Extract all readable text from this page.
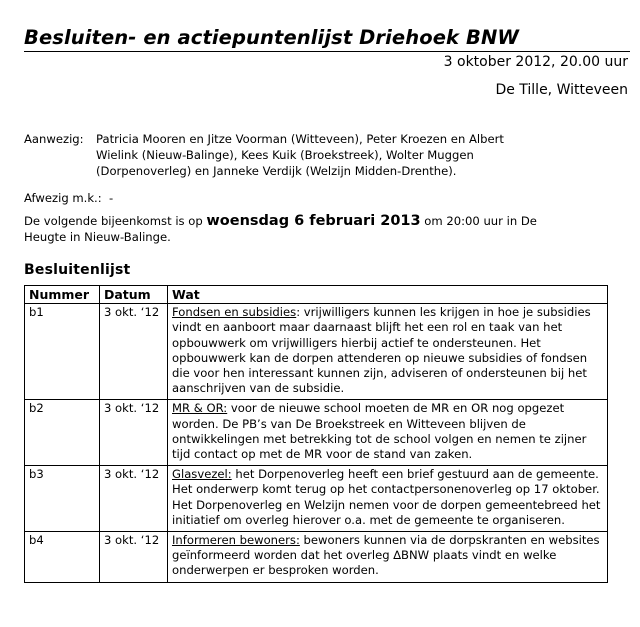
Besluiten- en actiepuntenlijst Driehoek BNW
3 oktober 2012, 20.00 uur
De Tille, Witteveen
Aanwezig: Patricia Mooren en Jitze Voorman (Witteveen), Peter Kroezen en Albert
Wielink (Nieuw-Balinge), Kees Kuik (Broekstreek), Wolter Muggen
(Dorpenoverleg) en Janneke Verdijk (Welzijn Midden-Drenthe).
Afwezig m.k.: -
De volgende bijeenkomst is op woensdag 6 februari 2013 om 20:00 uur in De
Heugte in Nieuw-Balinge.
Besluitenlijst
Nummer	Datum	Wat
b1	3 okt. ‘12	Fondsen en subsidies: vrijwilligers kunnen les krijgen in hoe je subsidies vindt en aanboort maar daarnaast blijft het een rol en taak van het opbouwwerk om vrijwilligers hierbij actief te ondersteunen. Het opbouwwerk kan de dorpen attenderen op nieuwe subsidies of fondsen die voor hen interessant kunnen zijn, adviseren of ondersteunen bij het aanschrijven van de subsidie.
b2	3 okt. ‘12	MR & OR: voor de nieuwe school moeten de MR en OR nog opgezet worden. De PB’s van De Broekstreek en Witteveen blijven de ontwikkelingen met betrekking tot de school volgen en nemen te zijner tijd contact op met de MR voor de stand van zaken.
b3	3 okt. ‘12	Glasvezel: het Dorpenoverleg heeft een brief gestuurd aan de gemeente. Het onderwerp komt terug op het contactpersonenoverleg op 17 oktober. Het Dorpenoverleg en Welzijn nemen voor de dorpen gemeentebreed het initiatief om overleg hierover o.a. met de gemeente te organiseren.
b4	3 okt. ‘12	Informeren bewoners: bewoners kunnen via de dorpskranten en websites geïnformeerd worden dat het overleg ∆BNW plaats vindt en welke onderwerpen er besproken worden.
